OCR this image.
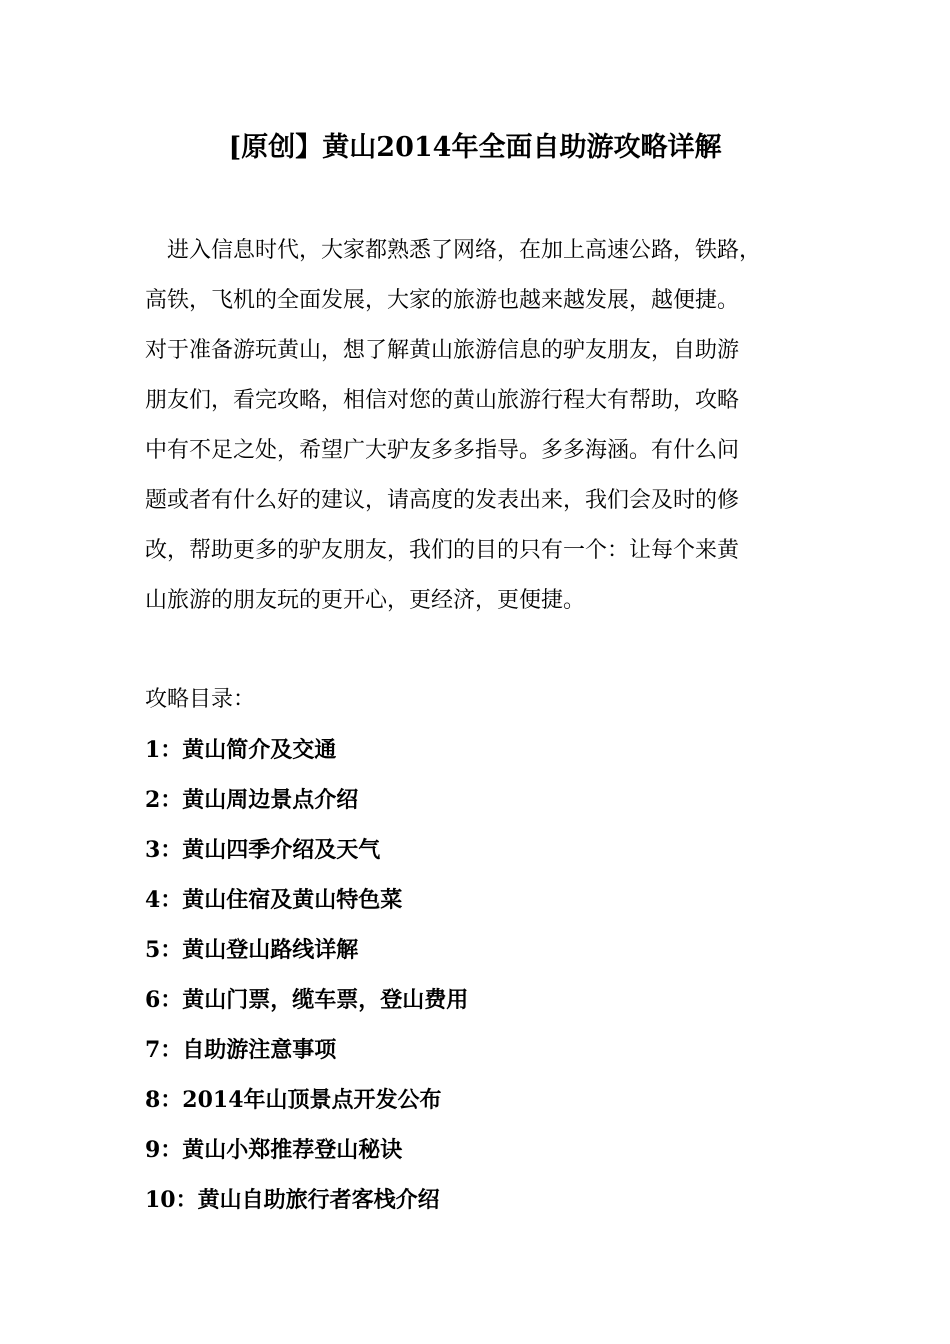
[原创】黄山2014年全面自助游攻略详解
　进入信息时代，大家都熟悉了网络，在加上高速公路，铁路，
高铁，飞机的全面发展，大家的旅游也越来越发展，越便捷。
对于准备游玩黄山，想了解黄山旅游信息的驴友朋友，自助游
朋友们，看完攻略，相信对您的黄山旅游行程大有帮助，攻略
中有不足之处，希望广大驴友多多指导。多多海涵。有什么问
题或者有什么好的建议，请高度的发表出来，我们会及时的修
改，帮助更多的驴友朋友，我们的目的只有一个：让每个来黄
山旅游的朋友玩的更开心，更经济，更便捷。

攻略目录：

1：黄山简介及交通
2：黄山周边景点介绍
3：黄山四季介绍及天气
4：黄山住宿及黄山特色菜
5：黄山登山路线详解
6：黄山门票，缆车票，登山费用
7：自助游注意事项
8：2014年山顶景点开发公布
9：黄山小郑推荐登山秘诀
10：黄山自助旅行者客栈介绍
